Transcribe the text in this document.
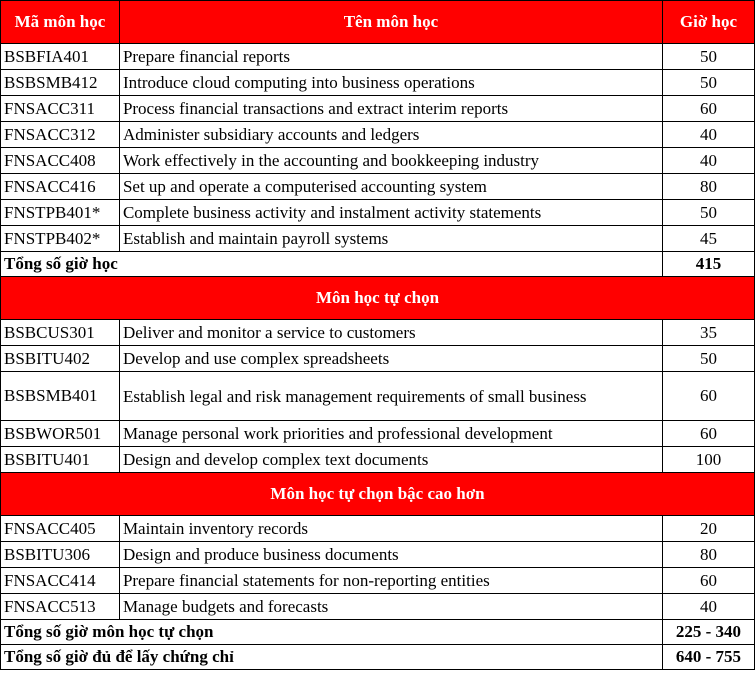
Mã môn học	Tên môn học	Giờ học
BSBFIA401	Prepare financial reports	50
BSBSMB412	Introduce cloud computing into business operations	50
FNSACC311	Process financial transactions and extract interim reports	60
FNSACC312	Administer subsidiary accounts and ledgers	40
FNSACC408	Work effectively in the accounting and bookkeeping industry	40
FNSACC416	Set up and operate a computerised accounting system	80
FNSTPB401*	Complete business activity and instalment activity statements	50
FNSTPB402*	Establish and maintain payroll systems	45
Tổng số giờ học		415
Môn học tự chọn		
BSBCUS301	Deliver and monitor a service to customers	35
BSBITU402	Develop and use complex spreadsheets	50
BSBSMB401	Establish legal and risk management requirements of small business	60
BSBWOR501	Manage personal work priorities and professional development	60
BSBITU401	Design and develop complex text documents	100
Môn học tự chọn bậc cao hơn		
FNSACC405	Maintain inventory records	20
BSBITU306	Design and produce business documents	80
FNSACC414	Prepare financial statements for non-reporting entities	60
FNSACC513	Manage budgets and forecasts	40
Tổng số giờ môn học tự chọn		225 - 340
Tổng số giờ đủ để lấy chứng chỉ		640 - 755
